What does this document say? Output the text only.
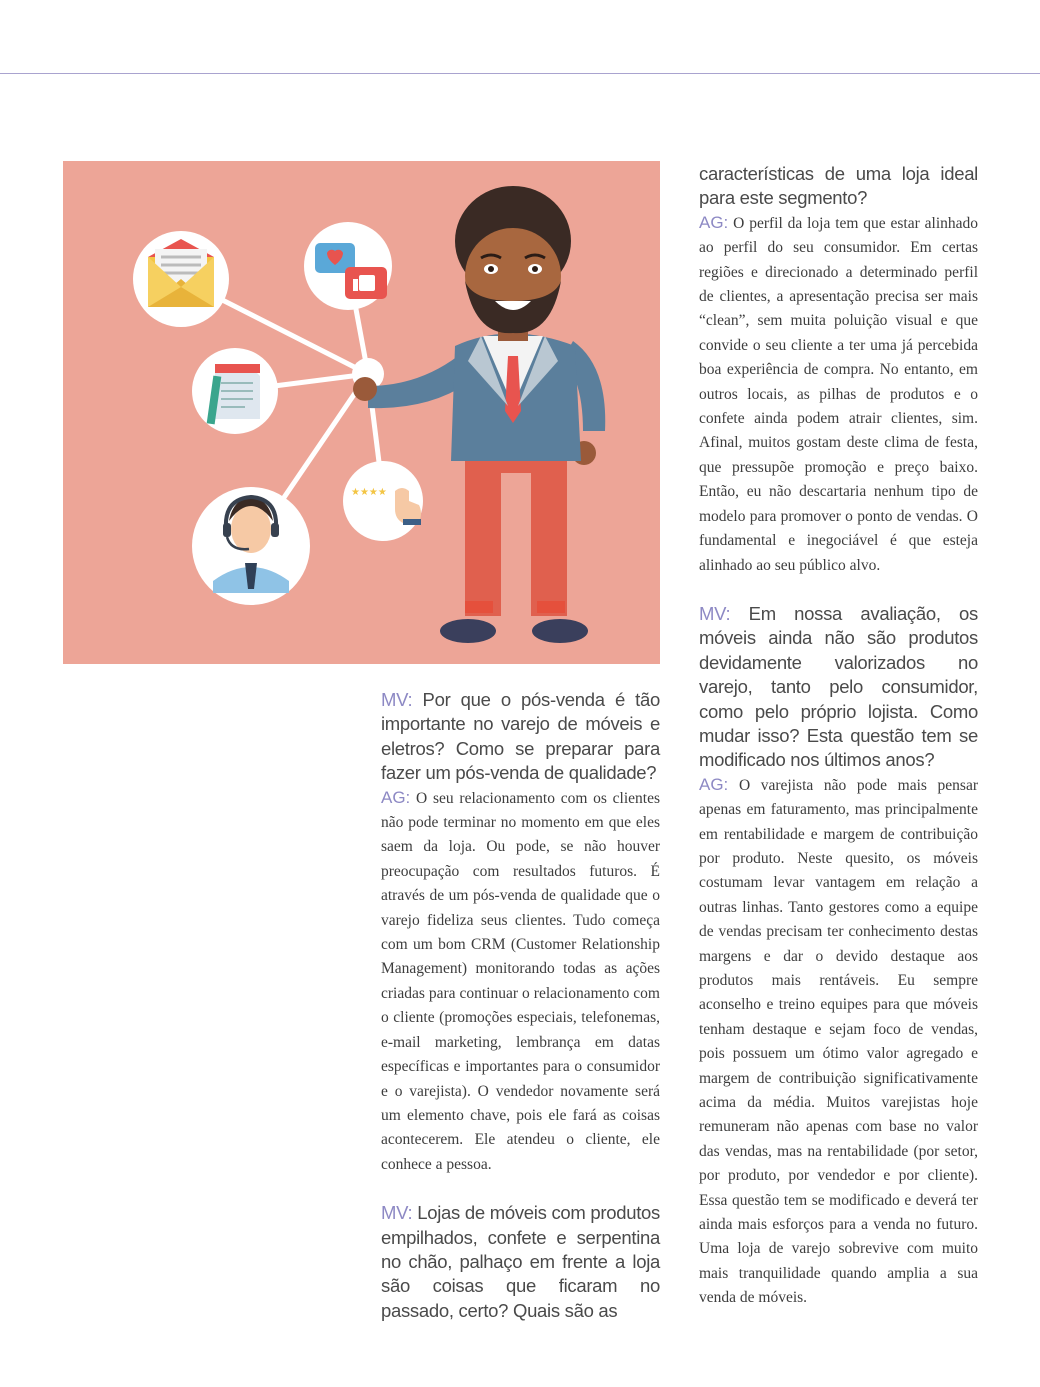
★★★★

MV: Por que o pós-venda é tão importante no varejo de móveis e eletros? Como se preparar para fazer um pós-venda de qualidade?

AG: O seu relacionamento com os clientes não pode terminar no momento em que eles saem da loja. Ou pode, se não houver preocupação com resultados futuros. É através de um pós-venda de qualidade que o varejo fideliza seus clientes. Tudo começa com um bom CRM (Customer Relationship Management) monitorando todas as ações criadas para continuar o relacionamento com o cliente (promoções especiais, telefonemas, e-mail marketing, lembrança em datas específicas e importantes para o consumidor e o varejista). O vendedor novamente será um elemento chave, pois ele fará as coisas acontecerem. Ele atendeu o cliente, ele conhece a pessoa.

MV: Lojas de móveis com produtos empilhados, confete e serpentina no chão, palhaço em frente a loja são coisas que ficaram no passado, certo? Quais são as

características de uma loja ideal para este segmento?

AG: O perfil da loja tem que estar alinhado ao perfil do seu consumidor. Em certas regiões e direcionado a determinado perfil de clientes, a apresentação precisa ser mais “clean”, sem muita poluição visual e que convide o seu cliente a ter uma já percebida boa experiência de compra. No entanto, em outros locais, as pilhas de produtos e o confete ainda podem atrair clientes, sim. Afinal, muitos gostam deste clima de festa, que pressupõe promoção e preço baixo. Então, eu não descartaria nenhum tipo de modelo para promover o ponto de vendas. O fundamental e inegociável é que esteja alinhado ao seu público alvo.

MV: Em nossa avaliação, os móveis ainda não são produtos devidamente valorizados no varejo, tanto pelo consumidor, como pelo próprio lojista. Como mudar isso? Esta questão tem se modificado nos últimos anos?

AG: O varejista não pode mais pensar apenas em faturamento, mas principalmente em rentabilidade e margem de contribuição por produto. Neste quesito, os móveis costumam levar vantagem em relação a outras linhas. Tanto gestores como a equipe de vendas precisam ter conhecimento destas margens e dar o devido destaque aos produtos mais rentáveis. Eu sempre aconselho e treino equipes para que móveis tenham destaque e sejam foco de vendas, pois possuem um ótimo valor agregado e margem de contribuição significativamente acima da média. Muitos varejistas hoje remuneram não apenas com base no valor das vendas, mas na rentabilidade (por setor, por produto, por vendedor e por cliente). Essa questão tem se modificado e deverá ter ainda mais esforços para a venda no futuro. Uma loja de varejo sobrevive com muito mais tranquilidade quando amplia a sua venda de móveis.
